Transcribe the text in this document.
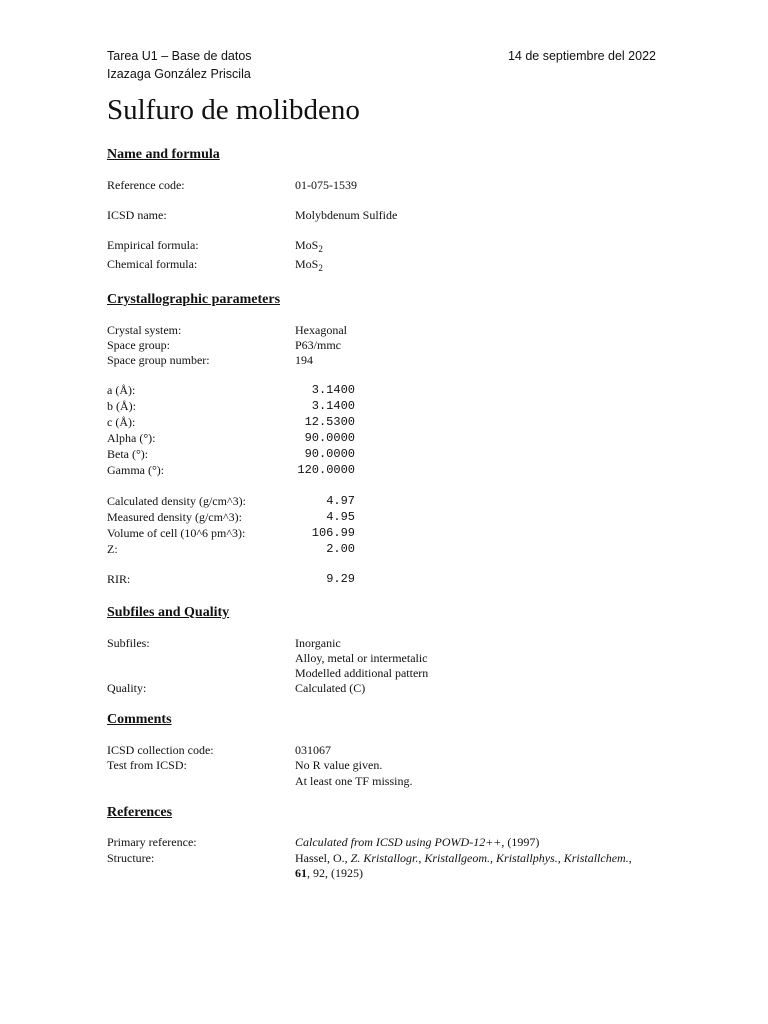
Tarea U1 – Base de datos
Izazaga González Priscila
14 de septiembre del 2022
Sulfuro de molibdeno
Name and formula
Reference code:	01-075-1539
ICSD name:	Molybdenum Sulfide
Empirical formula:	MoS$_2$
Chemical formula:	MoS$_2$
Crystallographic parameters
Crystal system:	Hexagonal
Space group:	P63/mmc
Space group number:	194
a (Å):	3.1400
b (Å):	3.1400
c (Å):	12.5300
Alpha (°):	90.0000
Beta (°):	90.0000
Gamma (°):	120.0000
Calculated density (g/cm^3):	4.97
Measured density (g/cm^3):	4.95
Volume of cell (10^6 pm^3):	106.99
Z:	2.00
RIR:	9.29
Subfiles and Quality
Subfiles:	Inorganic
Alloy, metal or intermetalic
Modelled additional pattern
Quality:	Calculated (C)
Comments
ICSD collection code:	031067
Test from ICSD:	No R value given.
At least one TF missing.
References
Primary reference:	Calculated from ICSD using POWD-12++, (1997)
Structure:	Hassel, O., Z. Kristallogr., Kristallgeom., Kristallphys., Kristallchem.,
61, 92, (1925)
